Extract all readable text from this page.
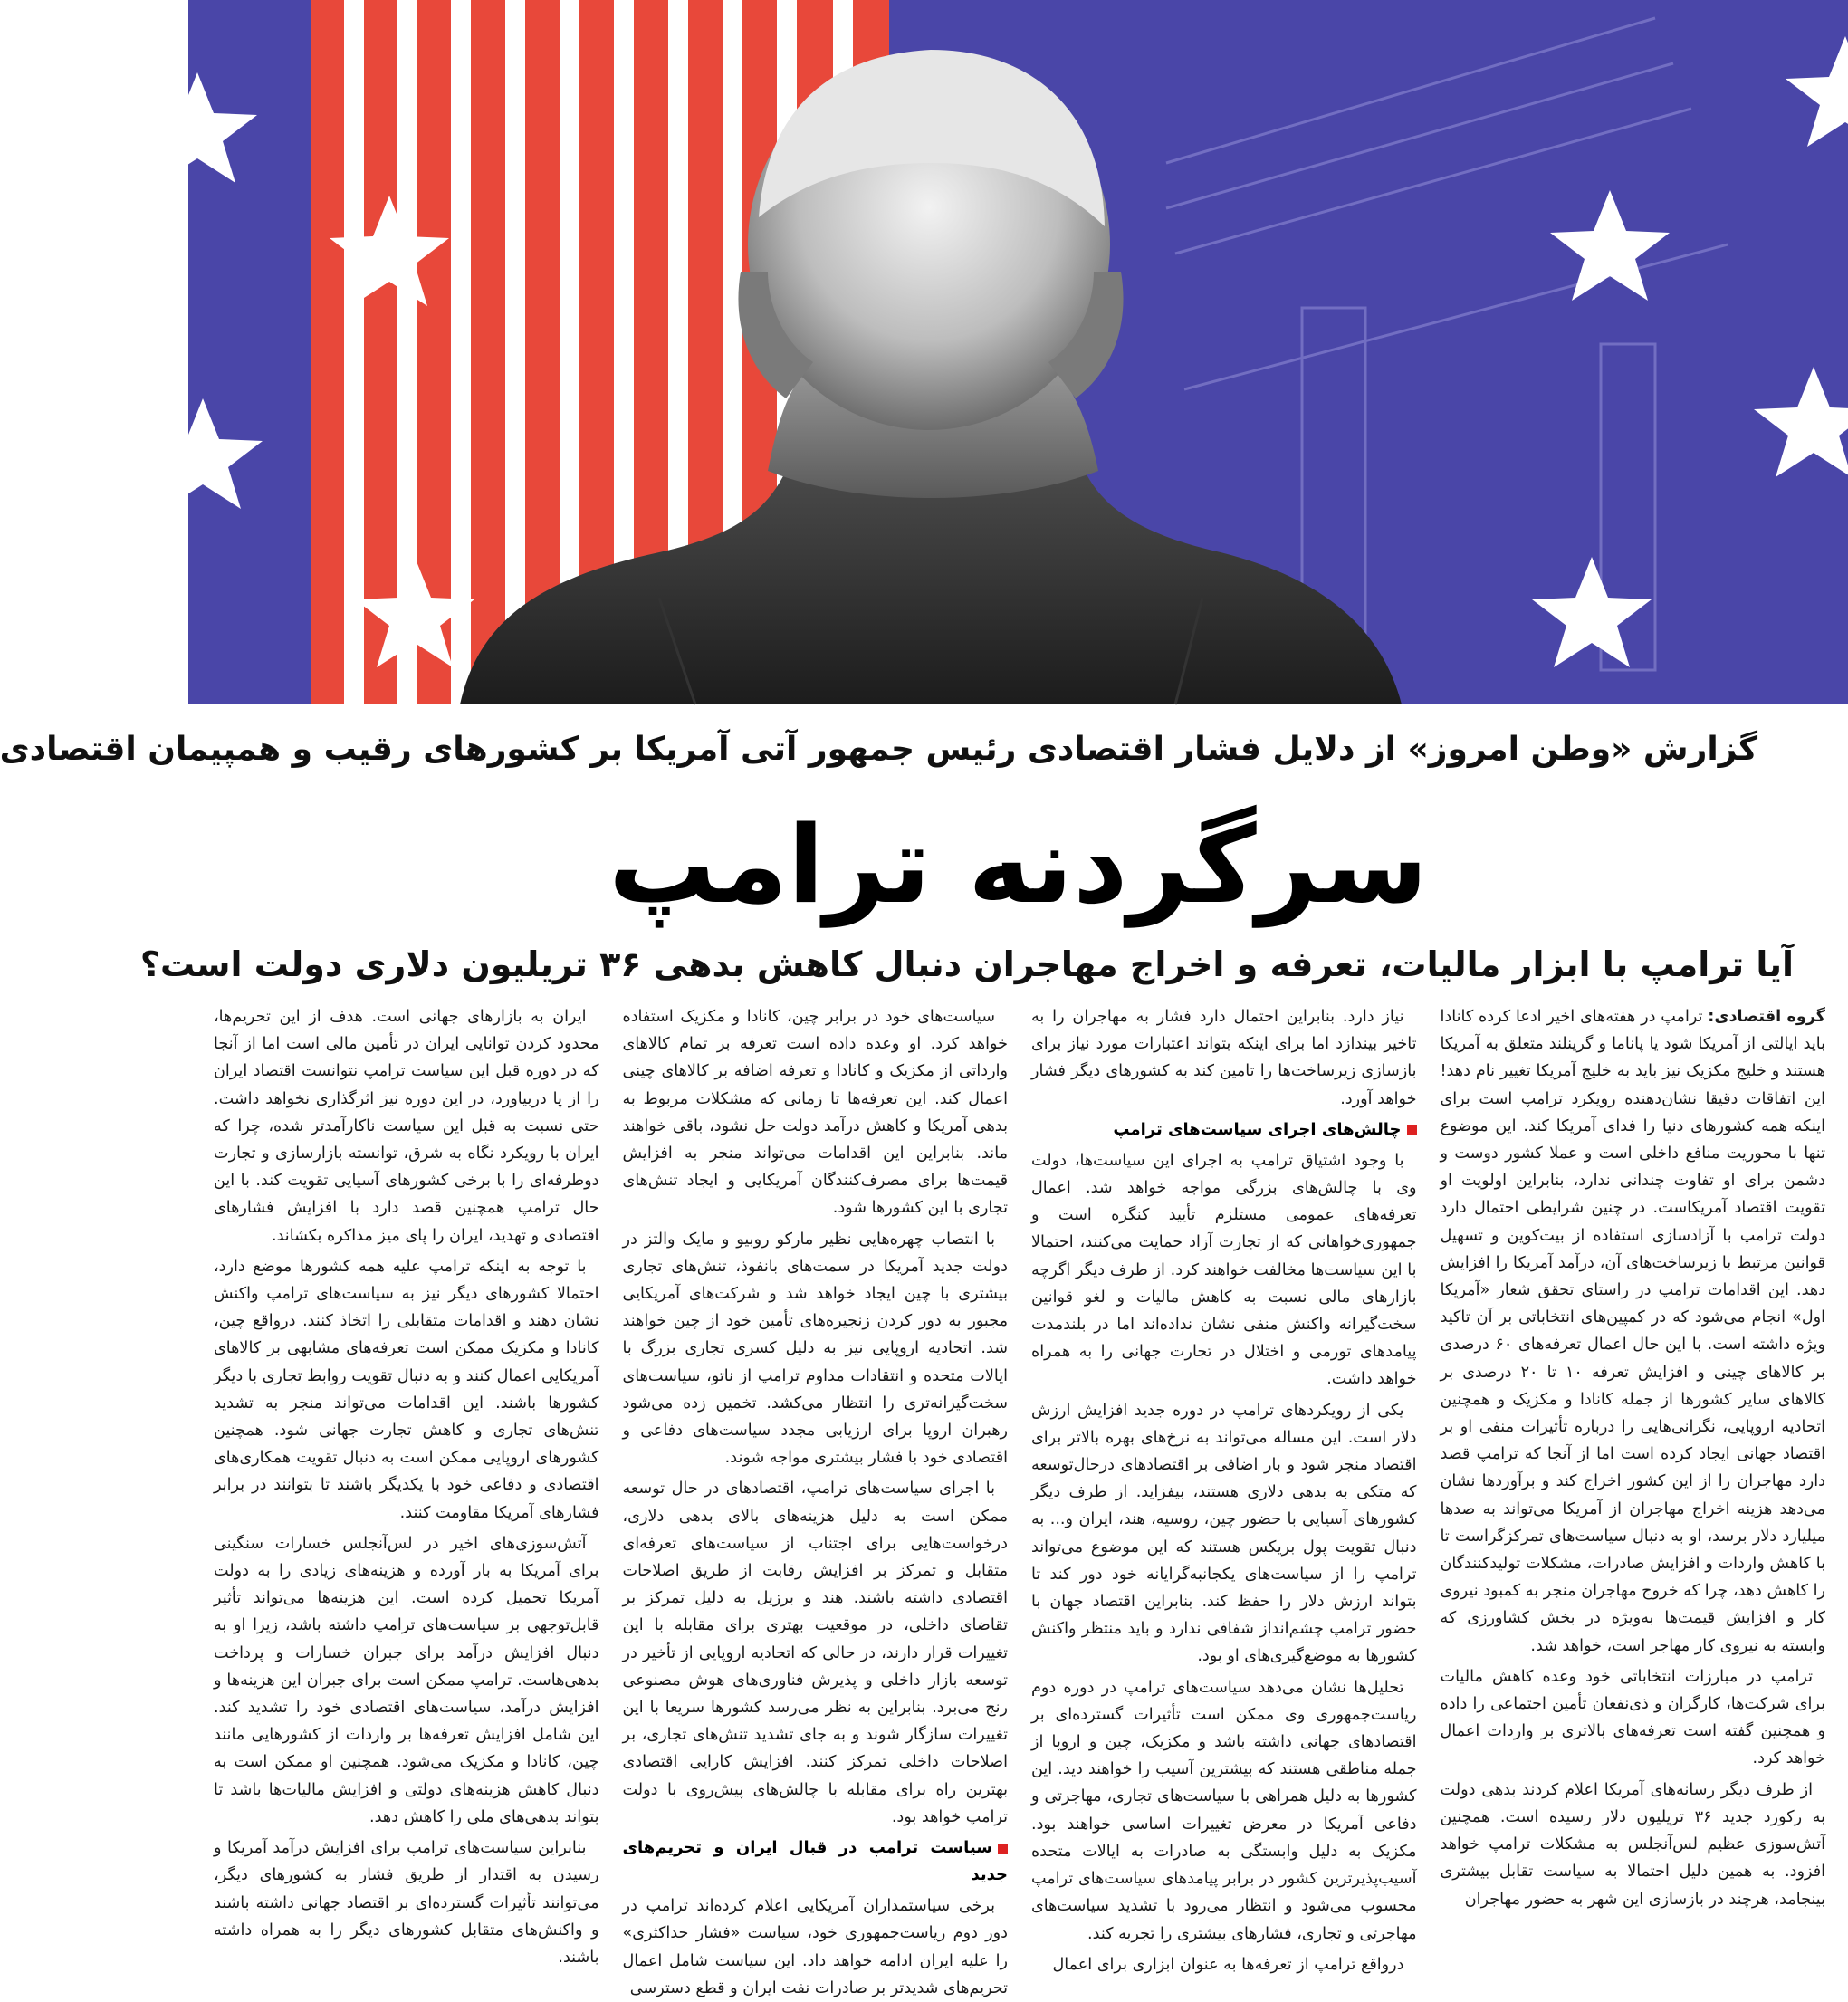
گزارش «وطن امروز» از دلایل فشار اقتصادی رئیس جمهور آتی آمریکا بر کشورهای رقیب و همپیمان اقتصادی
سرگردنه ترامپ
آیا ترامپ با ابزار مالیات، تعرفه و اخراج مهاجران دنبال کاهش بدهی ۳۶ تریلیون دلاری دولت است؟

گروه اقتصادی: ترامپ در هفته‌های اخیر ادعا کرده کانادا باید ایالتی از آمریکا شود یا پاناما و گرینلند متعلق به آمریکا هستند و خلیج مکزیک نیز باید به خلیج آمریکا تغییر نام دهد! این اتفاقات دقیقا نشان‌دهنده رویکرد ترامپ است برای اینکه همه کشورهای دنیا را فدای آمریکا کند. این موضوع تنها با محوریت منافع داخلی است و عملا کشور دوست و دشمن برای او تفاوت چندانی ندارد، بنابراین اولویت او تقویت اقتصاد آمریکاست. در چنین شرایطی احتمال دارد دولت ترامپ با آزادسازی استفاده از بیت‌کوین و تسهیل قوانین مرتبط با زیرساخت‌های آن، درآمد آمریکا را افزایش دهد. این اقدامات ترامپ در راستای تحقق شعار «آمریکا اول» انجام می‌شود که در کمپین‌های انتخاباتی بر آن تاکید ویژه داشته است. با این حال اعمال تعرفه‌های ۶۰ درصدی بر کالاهای چینی و افزایش تعرفه ۱۰ تا ۲۰ درصدی بر کالاهای سایر کشورها از جمله کانادا و مکزیک و همچنین اتحادیه اروپایی، نگرانی‌هایی را درباره تأثیرات منفی او بر اقتصاد جهانی ایجاد کرده است اما از آنجا که ترامپ قصد دارد مهاجران را از این کشور اخراج کند و برآوردها نشان می‌دهد هزینه اخراج مهاجران از آمریکا می‌تواند به صدها میلیارد دلار برسد، او به دنبال سیاست‌های تمرکزگراست تا با کاهش واردات و افزایش صادرات، مشکلات تولیدکنندگان را کاهش دهد، چرا که خروج مهاجران منجر به کمبود نیروی کار و افزایش قیمت‌ها به‌ویژه در بخش کشاورزی که وابسته به نیروی کار مهاجر است، خواهد شد.

ترامپ در مبارزات انتخاباتی خود وعده کاهش مالیات برای شرکت‌ها، کارگران و ذی‌نفعان تأمین اجتماعی را داده و همچنین گفته است تعرفه‌های بالاتری بر واردات اعمال خواهد کرد.

از طرف دیگر رسانه‌های آمریکا اعلام کردند بدهی دولت به رکورد جدید ۳۶ تریلیون دلار رسیده است. همچنین آتش‌سوزی عظیم لس‌آنجلس به مشکلات ترامپ خواهد افزود. به همین دلیل احتمالا به سیاست تقابل بیشتری بینجامد، هرچند در بازسازی این شهر به حضور مهاجران

نیاز دارد. بنابراین احتمال دارد فشار به مهاجران را به تاخیر بیندازد اما برای اینکه بتواند اعتبارات مورد نیاز برای بازسازی زیرساخت‌ها را تامین کند به کشورهای دیگر فشار خواهد آورد.

چالش‌های اجرای سیاست‌های ترامپ

با وجود اشتیاق ترامپ به اجرای این سیاست‌ها، دولت وی با چالش‌های بزرگی مواجه خواهد شد. اعمال تعرفه‌های عمومی مستلزم تأیید کنگره است و جمهوری‌خواهانی که از تجارت آزاد حمایت می‌کنند، احتمالا با این سیاست‌ها مخالفت خواهند کرد. از طرف دیگر اگرچه بازارهای مالی نسبت به کاهش مالیات و لغو قوانین سخت‌گیرانه واکنش منفی نشان نداده‌اند اما در بلندمدت پیامدهای تورمی و اختلال در تجارت جهانی را به همراه خواهد داشت.

یکی از رویکردهای ترامپ در دوره جدید افزایش ارزش دلار است. این مساله می‌تواند به نرخ‌های بهره بالاتر برای اقتصاد منجر شود و بار اضافی بر اقتصادهای درحال‌توسعه که متکی به بدهی دلاری هستند، بیفزاید. از طرف دیگر کشورهای آسیایی با حضور چین، روسیه، هند، ایران و... به دنبال تقویت پول بریکس هستند که این موضوع می‌تواند ترامپ را از سیاست‌های یکجانبه‌گرایانه خود دور کند تا بتواند ارزش دلار را حفظ کند. بنابراین اقتصاد جهان با حضور ترامپ چشم‌انداز شفافی ندارد و باید منتظر واکنش کشورها به موضع‌گیری‌های او بود.

تحلیل‌ها نشان می‌دهد سیاست‌های ترامپ در دوره دوم ریاست‌جمهوری وی ممکن است تأثیرات گسترده‌ای بر اقتصادهای جهانی داشته باشد و مکزیک، چین و اروپا از جمله مناطقی هستند که بیشترین آسیب را خواهند دید. این کشورها به دلیل همراهی با سیاست‌های تجاری، مهاجرتی و دفاعی آمریکا در معرض تغییرات اساسی خواهند بود. مکزیک به دلیل وابستگی به صادرات به ایالات متحده آسیب‌پذیرترین کشور در برابر پیامدهای سیاست‌های ترامپ محسوب می‌شود و انتظار می‌رود با تشدید سیاست‌های مهاجرتی و تجاری، فشارهای بیشتری را تجربه کند.

درواقع ترامپ از تعرفه‌ها به عنوان ابزاری برای اعمال

سیاست‌های خود در برابر چین، کانادا و مکزیک استفاده خواهد کرد. او وعده داده است تعرفه بر تمام کالاهای وارداتی از مکزیک و کانادا و تعرفه اضافه بر کالاهای چینی اعمال کند. این تعرفه‌ها تا زمانی که مشکلات مربوط به بدهی آمریکا و کاهش درآمد دولت حل نشود، باقی خواهند ماند. بنابراین این اقدامات می‌تواند منجر به افزایش قیمت‌ها برای مصرف‌کنندگان آمریکایی و ایجاد تنش‌های تجاری با این کشورها شود.

با انتصاب چهره‌هایی نظیر مارکو روبیو و مایک والتز در دولت جدید آمریکا در سمت‌های بانفوذ، تنش‌های تجاری بیشتری با چین ایجاد خواهد شد و شرکت‌های آمریکایی مجبور به دور کردن زنجیره‌های تأمین خود از چین خواهند شد. اتحادیه اروپایی نیز به دلیل کسری تجاری بزرگ با ایالات متحده و انتقادات مداوم ترامپ از ناتو، سیاست‌های سخت‌گیرانه‌تری را انتظار می‌کشد. تخمین زده می‌شود رهبران اروپا برای ارزیابی مجدد سیاست‌های دفاعی و اقتصادی خود با فشار بیشتری مواجه شوند.

با اجرای سیاست‌های ترامپ، اقتصادهای در حال توسعه ممکن است به دلیل هزینه‌های بالای بدهی دلاری، درخواست‌هایی برای اجتناب از سیاست‌های تعرفه‌ای متقابل و تمرکز بر افزایش رقابت از طریق اصلاحات اقتصادی داشته باشند. هند و برزیل به دلیل تمرکز بر تقاضای داخلی، در موقعیت بهتری برای مقابله با این تغییرات قرار دارند، در حالی که اتحادیه اروپایی از تأخیر در توسعه بازار داخلی و پذیرش فناوری‌های هوش مصنوعی رنج می‌برد. بنابراین به نظر می‌رسد کشورها سریعا با این تغییرات سازگار شوند و به جای تشدید تنش‌های تجاری، بر اصلاحات داخلی تمرکز کنند. افزایش کارایی اقتصادی بهترین راه برای مقابله با چالش‌های پیش‌روی با دولت ترامپ خواهد بود.

سیاست ترامپ در قبال ایران و تحریم‌های جدید

برخی سیاستمداران آمریکایی اعلام کرده‌اند ترامپ در دور دوم ریاست‌جمهوری خود، سیاست «فشار حداکثری» را علیه ایران ادامه خواهد داد. این سیاست شامل اعمال تحریم‌های شدیدتر بر صادرات نفت ایران و قطع دسترسی

ایران به بازارهای جهانی است. هدف از این تحریم‌ها، محدود کردن توانایی ایران در تأمین مالی است اما از آنجا که در دوره قبل این سیاست ترامپ نتوانست اقتصاد ایران را از پا دربیاورد، در این دوره نیز اثرگذاری نخواهد داشت. حتی نسبت به قبل این سیاست ناکارآمدتر شده، چرا که ایران با رویکرد نگاه به شرق، توانسته بازارسازی و تجارت دوطرفه‌ای را با برخی کشورهای آسیایی تقویت کند. با این حال ترامپ همچنین قصد دارد با افزایش فشارهای اقتصادی و تهدید، ایران را پای میز مذاکره بکشاند.

با توجه به اینکه ترامپ علیه همه کشورها موضع دارد، احتمالا کشورهای دیگر نیز به سیاست‌های ترامپ واکنش نشان دهند و اقدامات متقابلی را اتخاذ کنند. درواقع چین، کانادا و مکزیک ممکن است تعرفه‌های مشابهی بر کالاهای آمریکایی اعمال کنند و به دنبال تقویت روابط تجاری با دیگر کشورها باشند. این اقدامات می‌تواند منجر به تشدید تنش‌های تجاری و کاهش تجارت جهانی شود. همچنین کشورهای اروپایی ممکن است به دنبال تقویت همکاری‌های اقتصادی و دفاعی خود با یکدیگر باشند تا بتوانند در برابر فشارهای آمریکا مقاومت کنند.

آتش‌سوزی‌های اخیر در لس‌آنجلس خسارات سنگینی برای آمریکا به بار آورده و هزینه‌های زیادی را به دولت آمریکا تحمیل کرده است. این هزینه‌ها می‌تواند تأثیر قابل‌توجهی بر سیاست‌های ترامپ داشته باشد، زیرا او به دنبال افزایش درآمد برای جبران خسارات و پرداخت بدهی‌هاست. ترامپ ممکن است برای جبران این هزینه‌ها و افزایش درآمد، سیاست‌های اقتصادی خود را تشدید کند. این شامل افزایش تعرفه‌ها بر واردات از کشورهایی مانند چین، کانادا و مکزیک می‌شود. همچنین او ممکن است به دنبال کاهش هزینه‌های دولتی و افزایش مالیات‌ها باشد تا بتواند بدهی‌های ملی را کاهش دهد.

بنابراین سیاست‌های ترامپ برای افزایش درآمد آمریکا و رسیدن به اقتدار از طریق فشار به کشورهای دیگر، می‌توانند تأثیرات گسترده‌ای بر اقتصاد جهانی داشته باشند و واکنش‌های متقابل کشورهای دیگر را به همراه داشته باشند.
